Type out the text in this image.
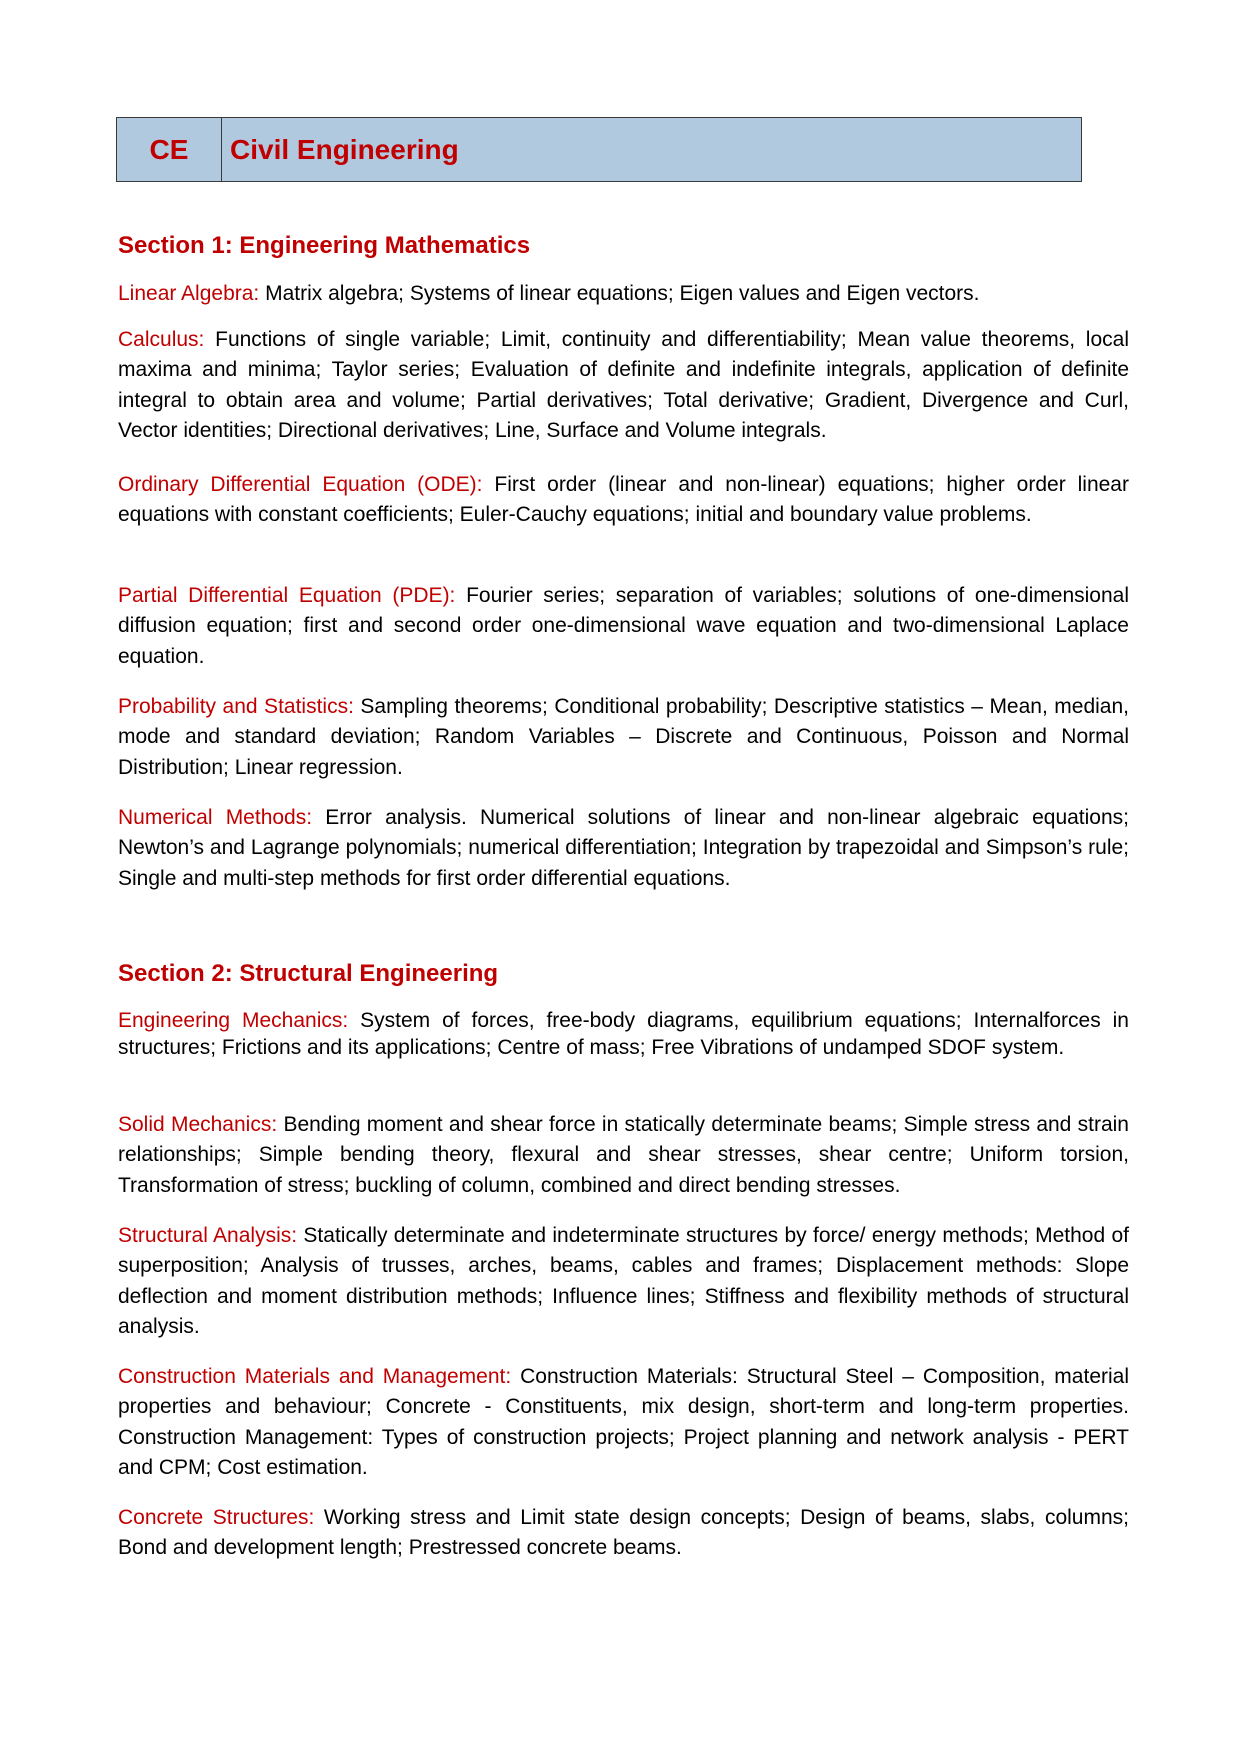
CE	Civil Engineering
Section 1: Engineering Mathematics

Linear Algebra: Matrix algebra; Systems of linear equations; Eigen values and Eigen vectors.

Calculus: Functions of single variable; Limit, continuity and differentiability; Mean value theorems, local maxima and minima; Taylor series; Evaluation of definite and indefinite integrals, application of definite integral to obtain area and volume; Partial derivatives; Total derivative; Gradient, Divergence and Curl, Vector identities; Directional derivatives; Line, Surface and Volume integrals.

Ordinary Differential Equation (ODE): First order (linear and non-linear) equations; higher order linear equations with constant coefficients; Euler-Cauchy equations; initial and boundary value problems.

Partial Differential Equation (PDE): Fourier series; separation of variables; solutions of one-dimensional diffusion equation; first and second order one-dimensional wave equation and two-dimensional Laplace equation.

Probability and Statistics: Sampling theorems; Conditional probability; Descriptive statistics – Mean, median, mode and standard deviation; Random Variables – Discrete and Continuous, Poisson and Normal Distribution; Linear regression.

Numerical Methods: Error analysis. Numerical solutions of linear and non-linear algebraic equations; Newton’s and Lagrange polynomials; numerical differentiation; Integration by trapezoidal and Simpson’s rule; Single and multi-step methods for first order differential equations.

Section 2: Structural Engineering

Engineering Mechanics: System of forces, free-body diagrams, equilibrium equations; Internalforces in structures; Frictions and its applications; Centre of mass; Free Vibrations of undamped SDOF system.

Solid Mechanics: Bending moment and shear force in statically determinate beams; Simple stress and strain relationships; Simple bending theory, flexural and shear stresses, shear centre; Uniform torsion, Transformation of stress; buckling of column, combined and direct bending stresses.

Structural Analysis: Statically determinate and indeterminate structures by force/ energy methods; Method of superposition; Analysis of trusses, arches, beams, cables and frames; Displacement methods: Slope deflection and moment distribution methods; Influence lines; Stiffness and flexibility methods of structural analysis.

Construction Materials and Management: Construction Materials: Structural Steel – Composition, material properties and behaviour; Concrete - Constituents, mix design, short-term and long-term properties. Construction Management: Types of construction projects; Project planning and network analysis - PERT and CPM; Cost estimation.

Concrete Structures: Working stress and Limit state design concepts; Design of beams, slabs, columns; Bond and development length; Prestressed concrete beams.
